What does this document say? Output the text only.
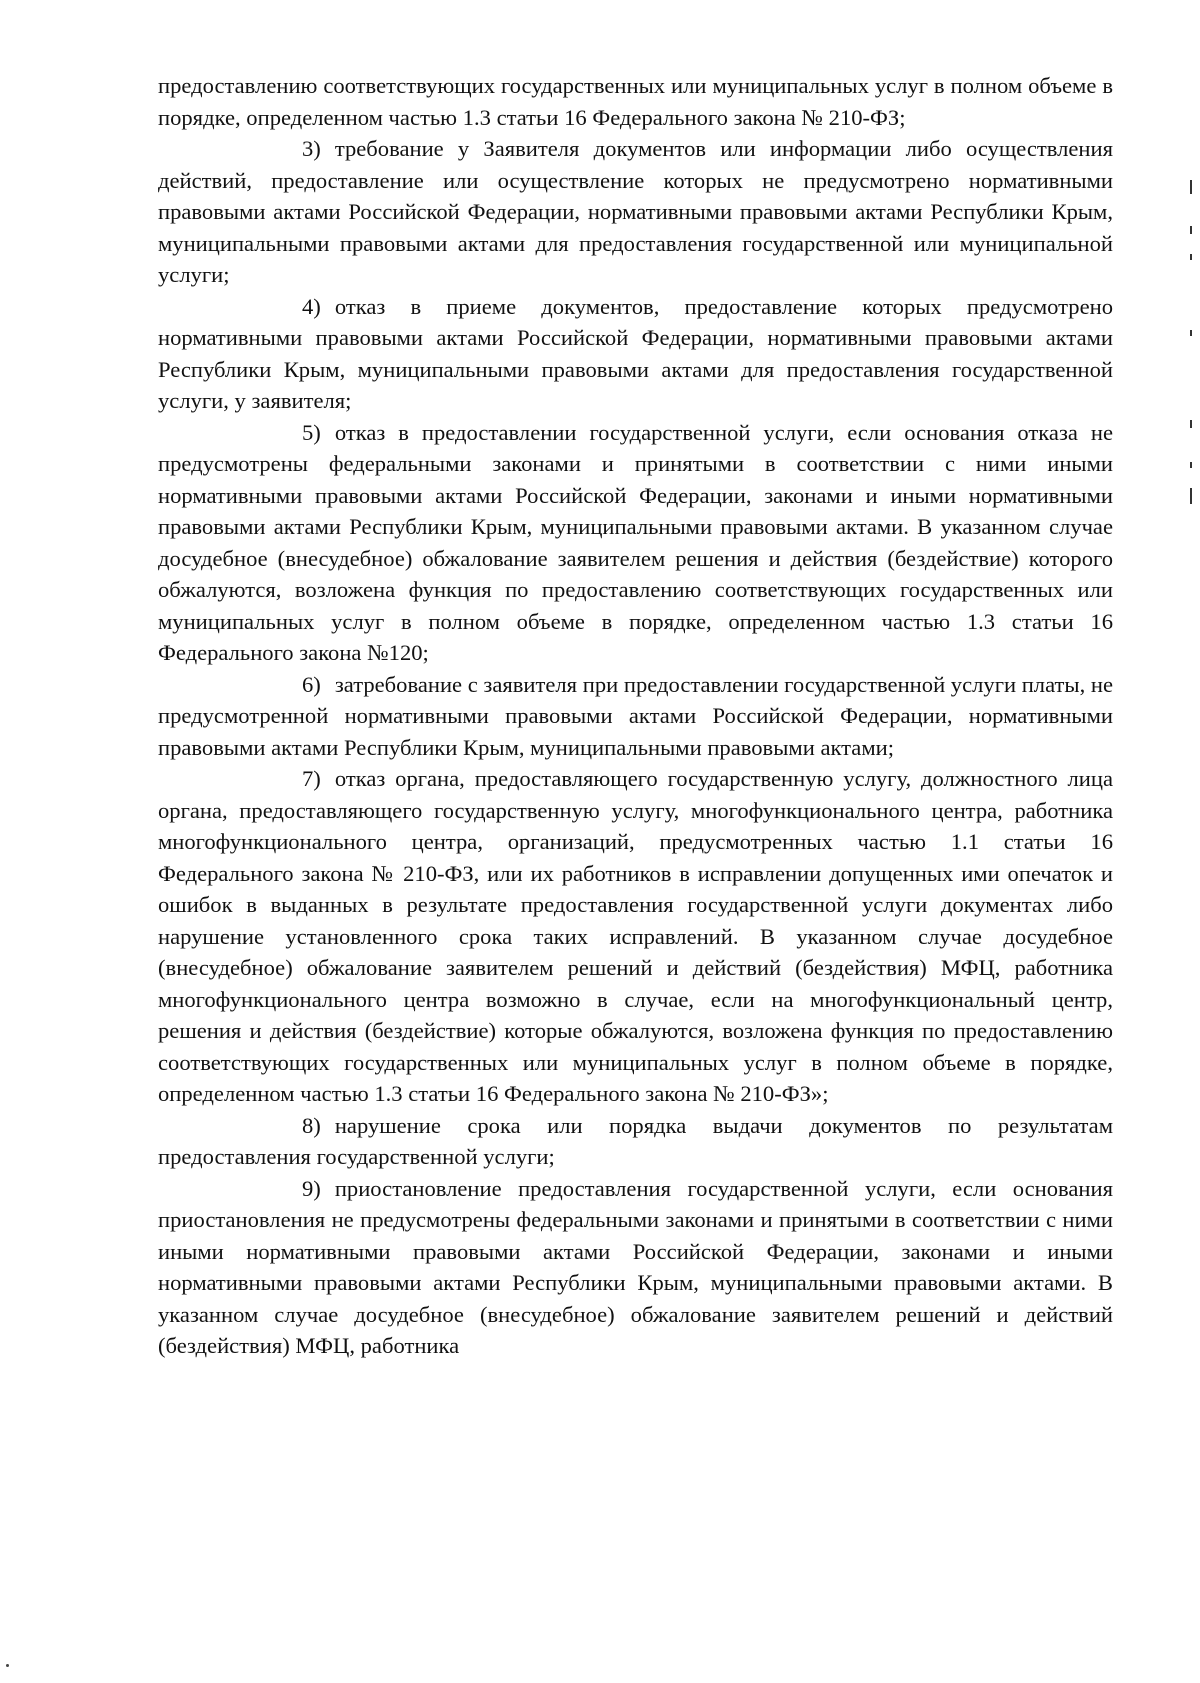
предоставлению соответствующих государственных или муниципальных услуг в полном объеме в порядке, определенном частью 1.3 статьи 16 Федерального закона № 210-ФЗ;

3) требование у Заявителя документов или информации либо осуществления действий, предоставление или осуществление которых не предусмотрено нормативными правовыми актами Российской Федерации, нормативными правовыми актами Республики Крым, муниципальными правовыми актами для предоставления государственной или муниципальной услуги;

4) отказ в приеме документов, предоставление которых предусмотрено нормативными правовыми актами Российской Федерации, нормативными правовыми актами Республики Крым, муниципальными правовыми актами для предоставления государственной услуги, у заявителя;

5) отказ в предоставлении государственной услуги, если основания отказа не предусмотрены федеральными законами и принятыми в соответствии с ними иными нормативными правовыми актами Российской Федерации, законами и иными нормативными правовыми актами Республики Крым, муниципальными правовыми актами. В указанном случае досудебное (внесудебное) обжалование заявителем решения и действия (бездействие) которого обжалуются, возложена функция по предоставлению соответствующих государственных или муниципальных услуг в полном объеме в порядке, определенном частью 1.3 статьи 16 Федерального закона №120;

6) затребование с заявителя при предоставлении государственной услуги платы, не предусмотренной нормативными правовыми актами Российской Федерации, нормативными правовыми актами Республики Крым, муниципальными правовыми актами;

7) отказ органа, предоставляющего государственную услугу, должностного лица органа, предоставляющего государственную услугу, многофункционального центра, работника многофункционального центра, организаций, предусмотренных частью 1.1 статьи 16 Федерального закона № 210-ФЗ, или их работников в исправлении допущенных ими опечаток и ошибок в выданных в результате предоставления государственной услуги документах либо нарушение установленного срока таких исправлений. В указанном случае досудебное (внесудебное) обжалование заявителем решений и действий (бездействия) МФЦ, работника многофункционального центра возможно в случае, если на многофункциональный центр, решения и действия (бездействие) которые обжалуются, возложена функция по предоставлению соответствующих государственных или муниципальных услуг в полном объеме в порядке, определенном частью 1.3 статьи 16 Федерального закона № 210-ФЗ»;

8) нарушение срока или порядка выдачи документов по результатам предоставления государственной услуги;

9) приостановление предоставления государственной услуги, если основания приостановления не предусмотрены федеральными законами и принятыми в соответствии с ними иными нормативными правовыми актами Российской Федерации, законами и иными нормативными правовыми актами Республики Крым, муниципальными правовыми актами. В указанном случае досудебное (внесудебное) обжалование заявителем решений и действий (бездействия) МФЦ, работника
